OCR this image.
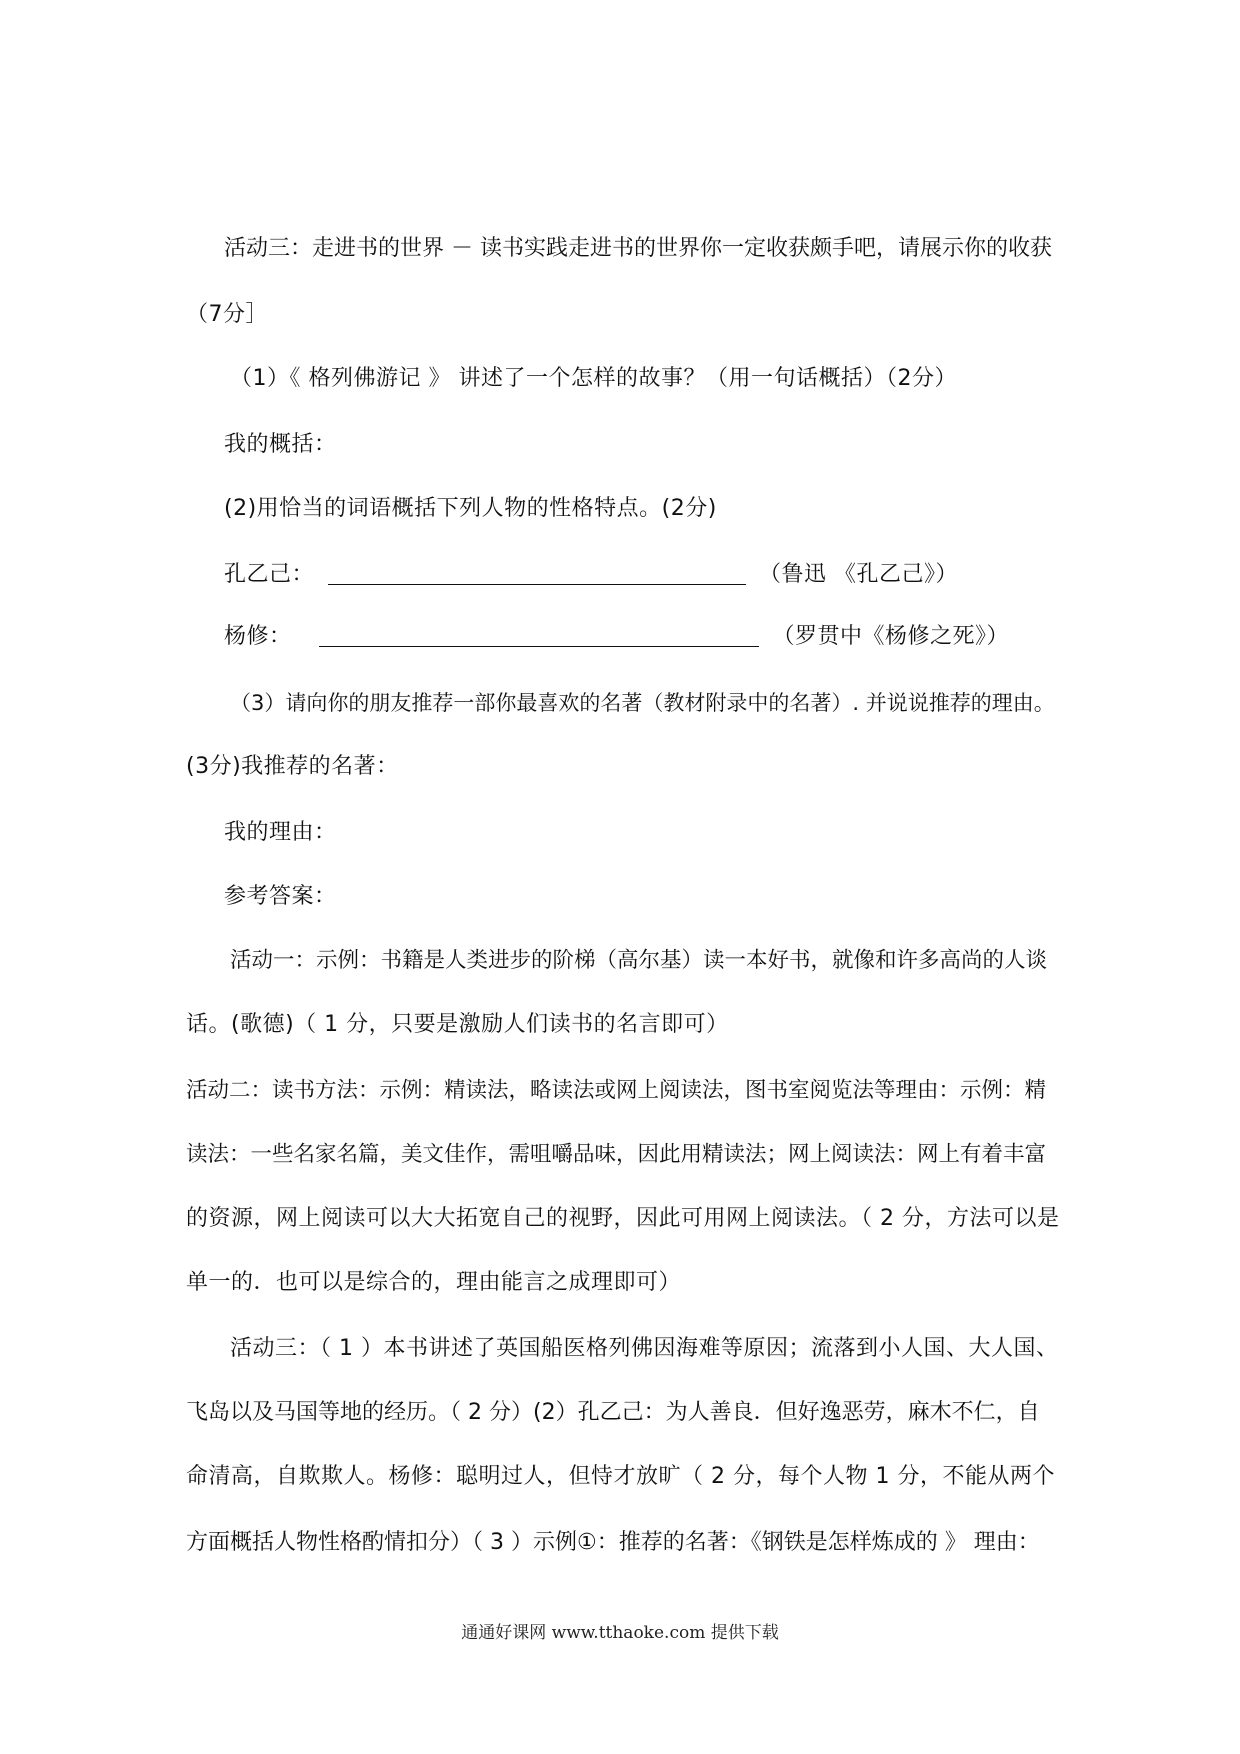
活动三：走进书的世界 － 读书实践走进书的世界你一定收获颇手吧，请展示你的收获
（7分］
（1）《 格列佛游记 》 讲述了一个怎样的故事？（用一句话概括）（2分）
我的概括：
(2)用恰当的词语概括下列人物的性格特点。(2分)
孔乙己：	（鲁迅 《孔乙己》）
杨修：	（罗贯中《杨修之死》）
（3）请向你的朋友推荐一部你最喜欢的名著（教材附录中的名著）. 并说说推荐的理由。
(3分)我推荐的名著：
我的理由：
参考答案：
活动一：示例：书籍是人类进步的阶梯（高尔基）读一本好书，就像和许多高尚的人谈
话。(歌德)（ 1 分，只要是激励人们读书的名言即可）
活动二：读书方法：示例：精读法，略读法或网上阅读法，图书室阅览法等理由：示例：精
读法：一些名家名篇，美文佳作，需咀嚼品味，因此用精读法；网上阅读法：网上有着丰富
的资源，网上阅读可以大大拓宽自己的视野，因此可用网上阅读法。（ 2 分，方法可以是
单一的．也可以是综合的，理由能言之成理即可）
活动三：（ 1 ）本书讲述了英国船医格列佛因海难等原因；流落到小人国、大人国、
飞岛以及马国等地的经历。（ 2 分）(2）孔乙己：为人善良．但好逸恶劳，麻木不仁，自
命清高，自欺欺人。杨修：聪明过人，但恃才放旷（ 2 分，每个人物 1 分，不能从两个
方面概括人物性格酌情扣分）（ 3 ）示例①：推荐的名著：《钢铁是怎样炼成的 》 理由：
通通好课网 www.tthaoke.com 提供下载
